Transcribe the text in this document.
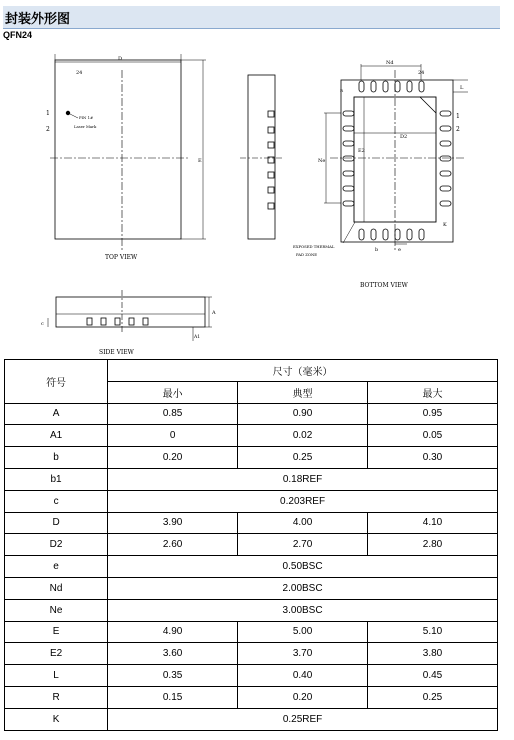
封装外形图
QFN24
D
24
E
1
2
PIN 1#
Laser Mark
TOP VIEW
Nd
24
L
R
Ne
E2
D2
1
2
K
b	e
EXPOSED THERMAL
PAD ZONE
BOTTOM VIEW
A
A1
c
SIDE VIEW
符号	尺寸（毫米）		
	最小	典型	最大
A	0.85	0.90	0.95
A1	0	0.02	0.05
b	0.20	0.25	0.30
b1	0.18REF		
c	0.203REF		
D	3.90	4.00	4.10
D2	2.60	2.70	2.80
e	0.50BSC		
Nd	2.00BSC		
Ne	3.00BSC		
E	4.90	5.00	5.10
E2	3.60	3.70	3.80
L	0.35	0.40	0.45
R	0.15	0.20	0.25
K	0.25REF		
